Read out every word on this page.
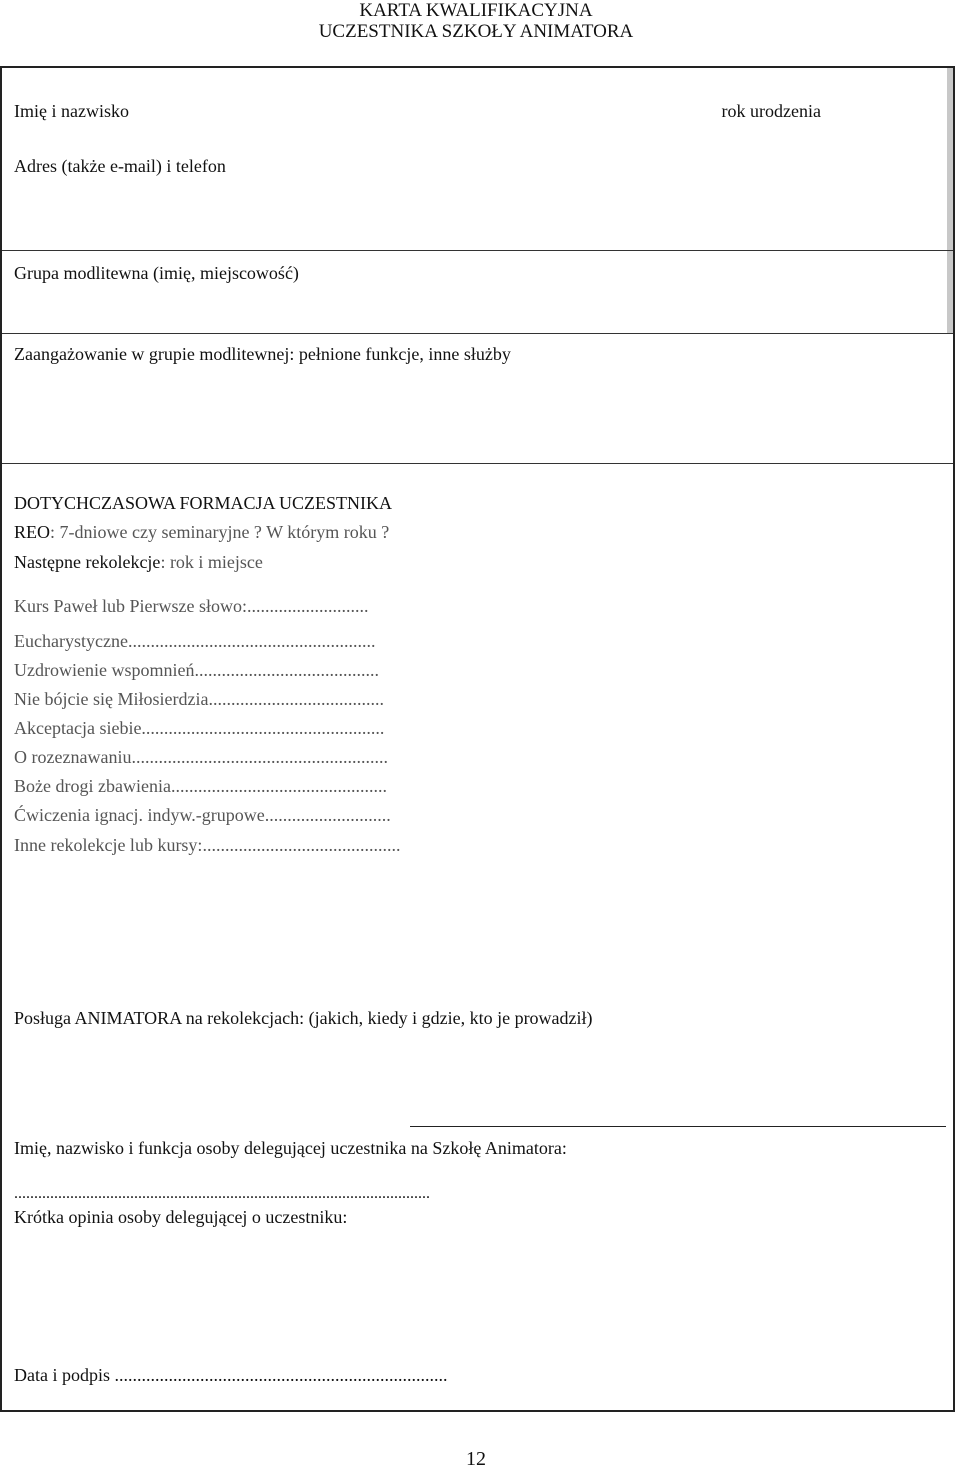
KARTA KWALIFIKACYJNA
UCZESTNIKA SZKOŁY ANIMATORA
Imię i nazwisko	rok urodzenia
Adres (także e-mail) i telefon
Grupa modlitewna (imię, miejscowość)
Zaangażowanie w grupie modlitewnej: pełnione funkcje, inne służby
DOTYCHCZASOWA FORMACJA UCZESTNIKA
REO: 7-dniowe czy seminaryjne ? W którym roku ?
Następne rekolekcje: rok i miejsce
Kurs Paweł lub Pierwsze słowo:...........................
Eucharystyczne.......................................................
Uzdrowienie wspomnień.........................................
Nie bójcie się Miłosierdzia.......................................
Akceptacja siebie......................................................
O rozeznawaniu.........................................................
Boże drogi zbawienia................................................
Ćwiczenia ignacj. indyw.-grupowe............................
Inne rekolekcje lub kursy:............................................
Posługa ANIMATORA na rekolekcjach: (jakich, kiedy i gdzie, kto je prowadził)
Imię, nazwisko i funkcja osoby delegującej uczestnika na Szkołę Animatora:
........................................................................................................
Krótka opinia osoby delegującej o uczestniku:
Data i podpis ..........................................................................
12
